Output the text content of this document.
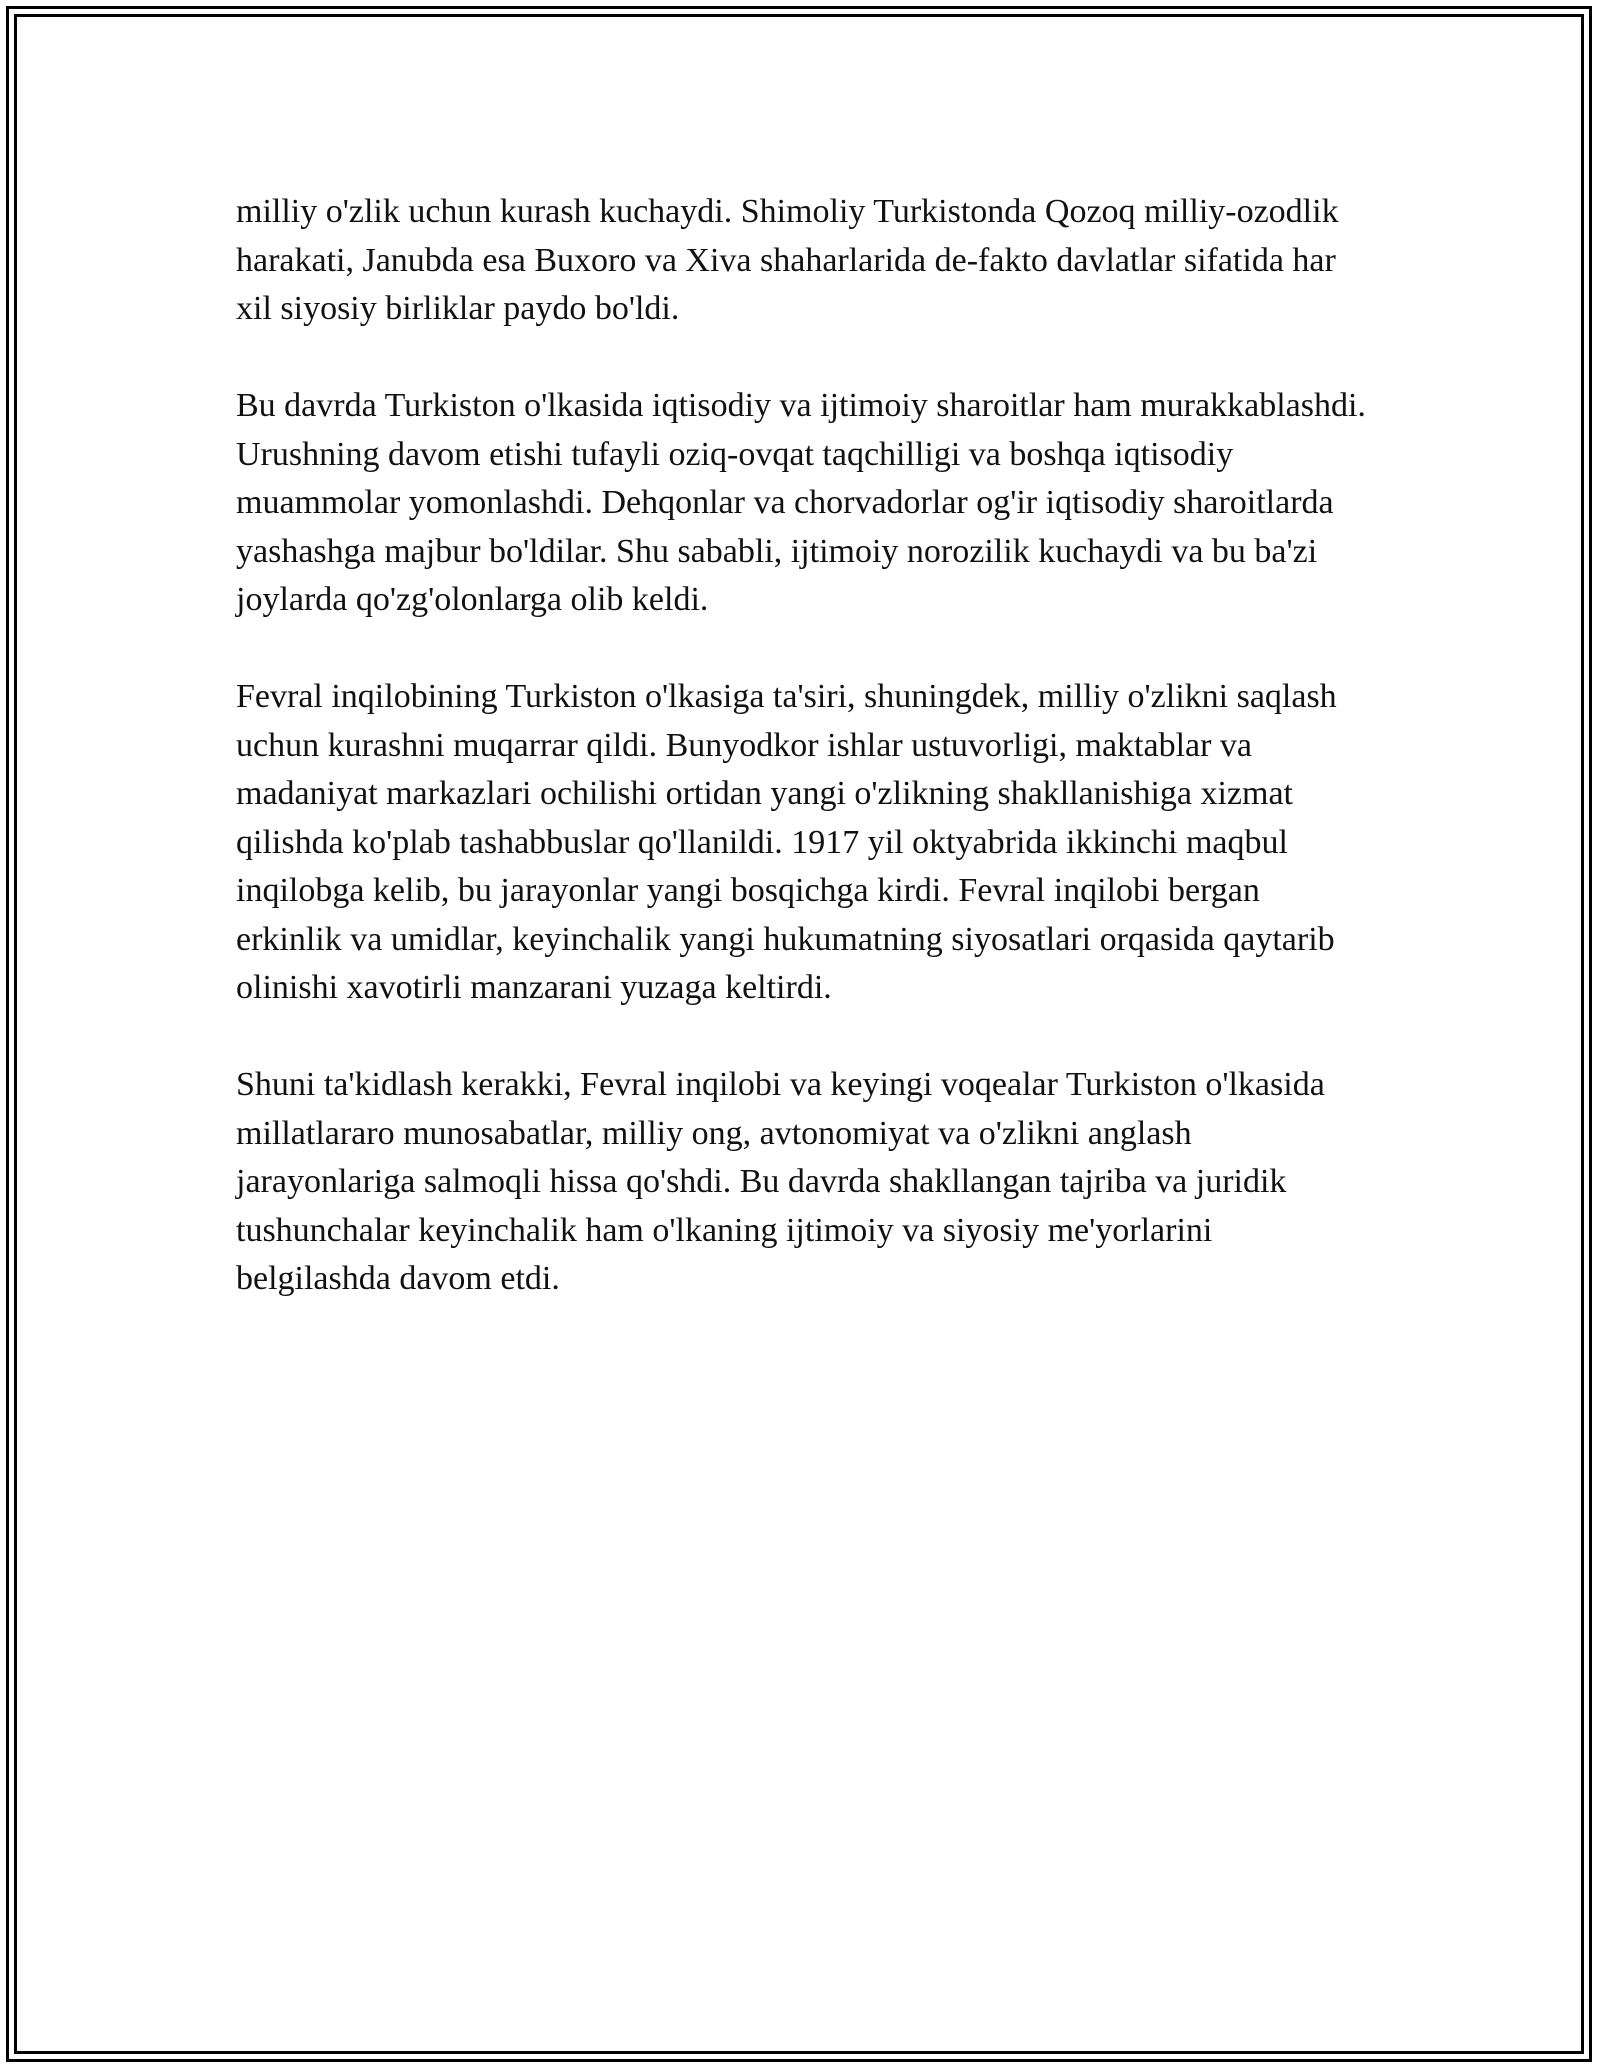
milliy o'zlik uchun kurash kuchaydi. Shimoliy Turkistonda Qozoq milliy-ozodlik harakati, Janubda esa Buxoro va Xiva shaharlarida de-fakto davlatlar sifatida har xil siyosiy birliklar paydo bo'ldi.

Bu davrda Turkiston o'lkasida iqtisodiy va ijtimoiy sharoitlar ham murakkablashdi. Urushning davom etishi tufayli oziq-ovqat taqchilligi va boshqa iqtisodiy muammolar yomonlashdi. Dehqonlar va chorvadorlar og'ir iqtisodiy sharoitlarda yashashga majbur bo'ldilar. Shu sababli, ijtimoiy norozilik kuchaydi va bu ba'zi joylarda qo'zg'olonlarga olib keldi.

Fevral inqilobining Turkiston o'lkasiga ta'siri, shuningdek, milliy o'zlikni saqlash uchun kurashni muqarrar qildi. Bunyodkor ishlar ustuvorligi, maktablar va madaniyat markazlari ochilishi ortidan yangi o'zlikning shakllanishiga xizmat qilishda ko'plab tashabbuslar qo'llanildi. 1917 yil oktyabrida ikkinchi maqbul inqilobga kelib, bu jarayonlar yangi bosqichga kirdi. Fevral inqilobi bergan erkinlik va umidlar, keyinchalik yangi hukumatning siyosatlari orqasida qaytarib olinishi xavotirli manzarani yuzaga keltirdi.

Shuni ta'kidlash kerakki, Fevral inqilobi va keyingi voqealar Turkiston o'lkasida millatlararo munosabatlar, milliy ong, avtonomiyat va o'zlikni anglash jarayonlariga salmoqli hissa qo'shdi. Bu davrda shakllangan tajriba va juridik tushunchalar keyinchalik ham o'lkaning ijtimoiy va siyosiy me'yorlarini belgilashda davom etdi.
